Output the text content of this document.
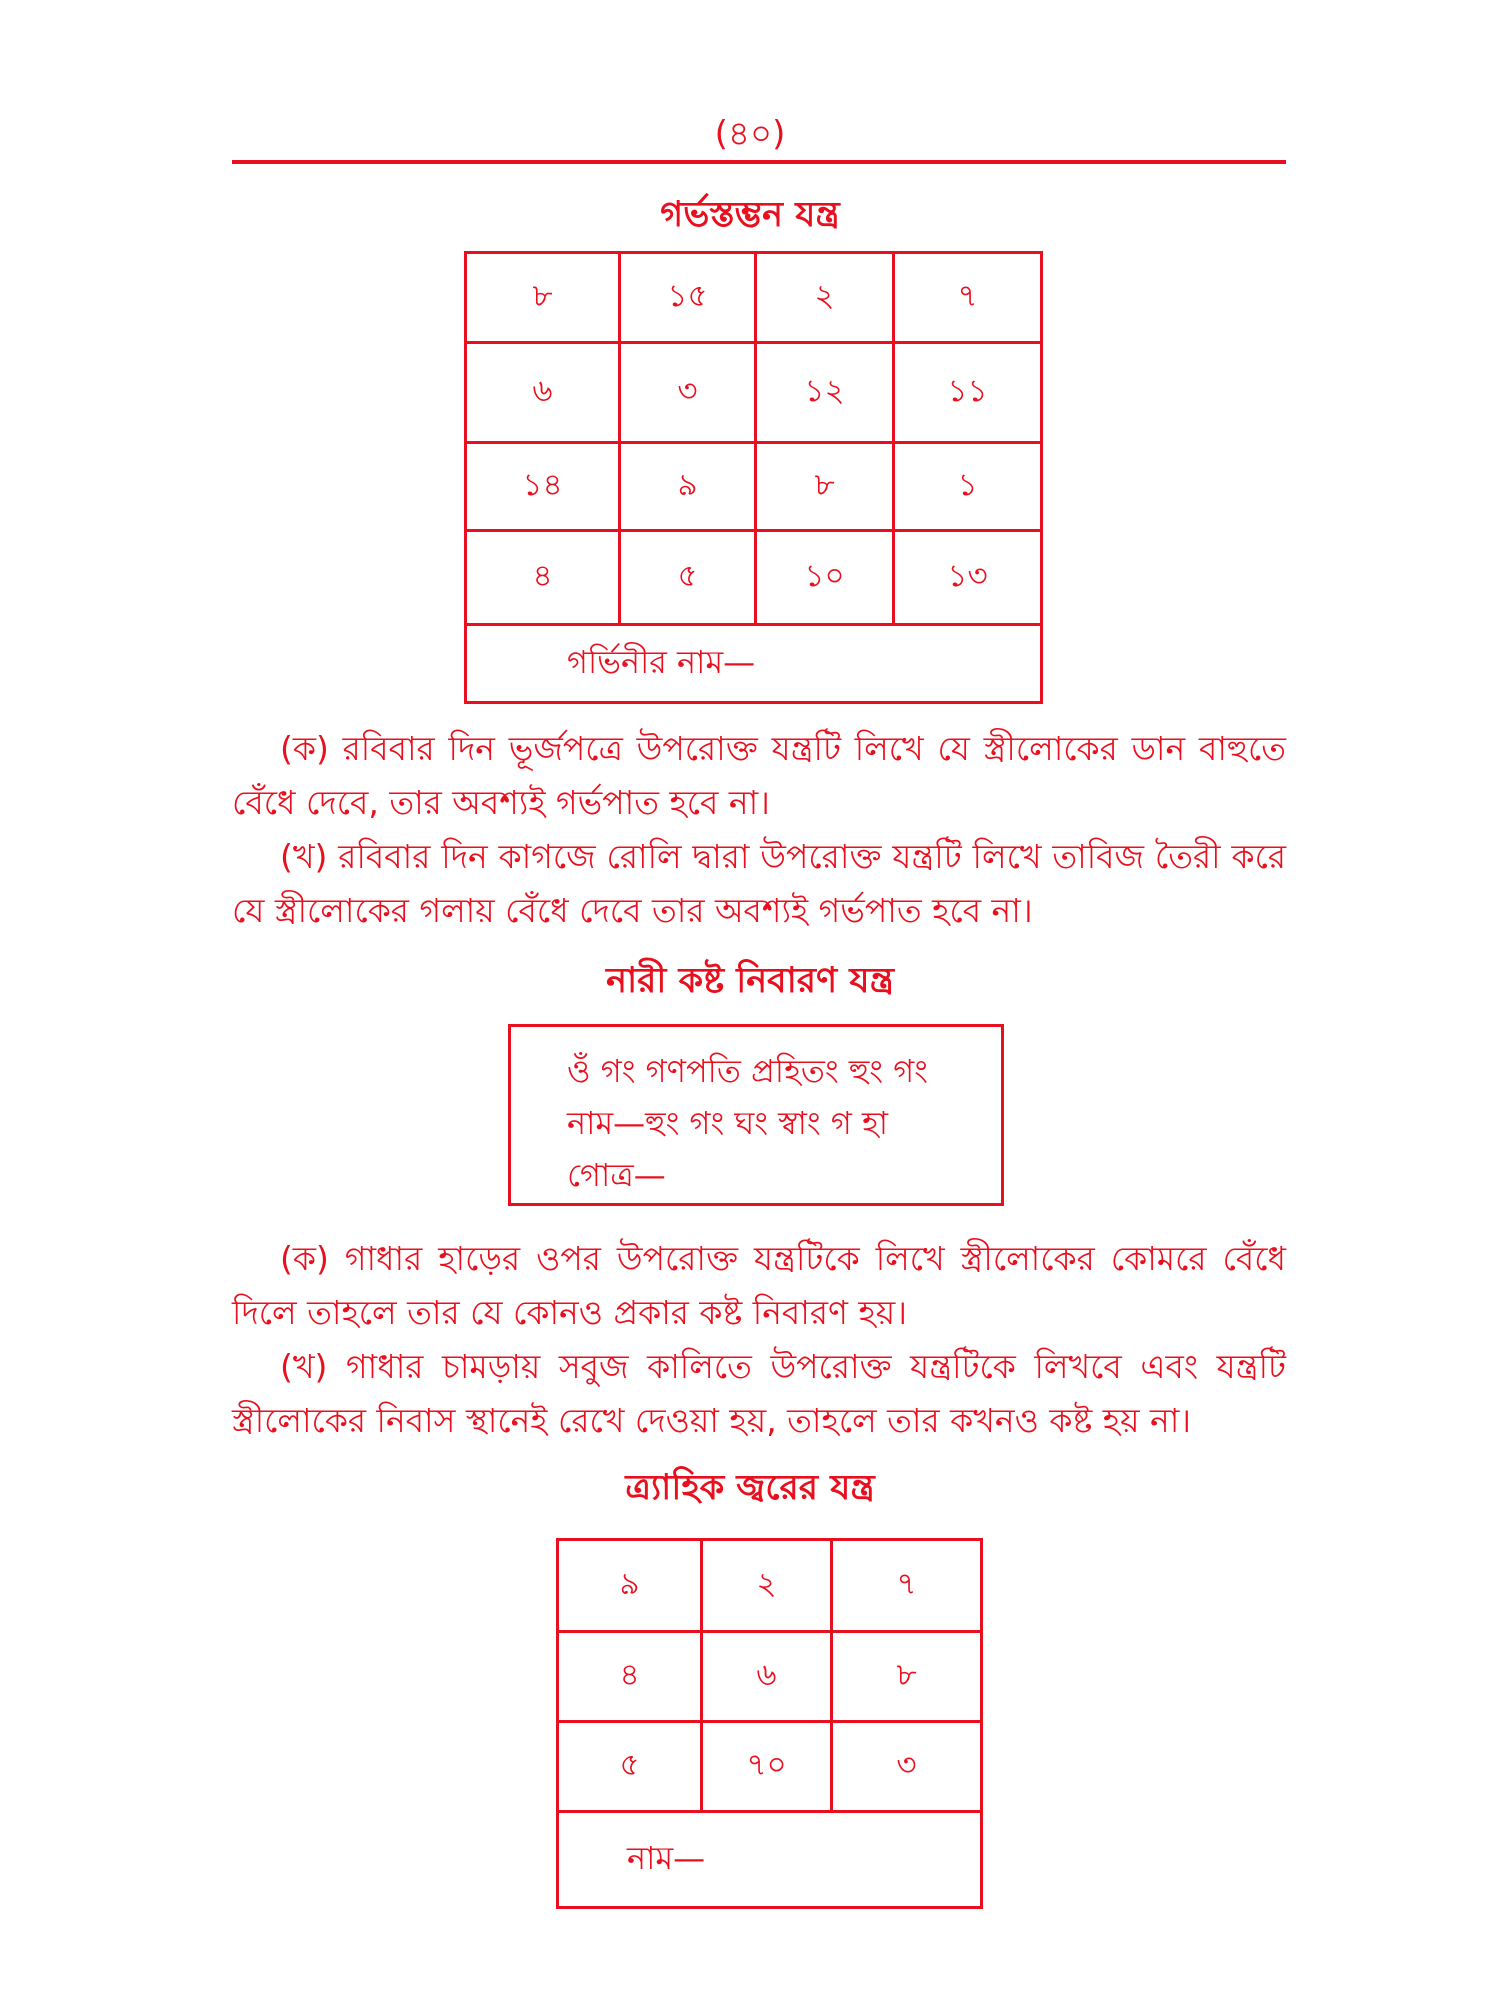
(৪০)
গর্ভস্তম্ভন যন্ত্র
৮	১৫	২	৭
৬	৩	১২	১১
১৪	৯	৮	১
৪	৫	১০	১৩
গর্ভিনীর নাম—			

(ক) রবিবার দিন ভূর্জপত্রে উপরোক্ত যন্ত্রটি লিখে যে স্ত্রীলোকের ডান বাহুতে বেঁধে দেবে, তার অবশ্যই গর্ভপাত হবে না।

(খ) রবিবার দিন কাগজে রোলি দ্বারা উপরোক্ত যন্ত্রটি লিখে তাবিজ তৈরী করে যে স্ত্রীলোকের গলায় বেঁধে দেবে তার অবশ্যই গর্ভপাত হবে না।

নারী কষ্ট নিবারণ যন্ত্র
ওঁ গং গণপতি প্রহিতং হুং গং
নাম—হুং গং ঘং স্বাং গ হা
গোত্র—

(ক) গাধার হাড়ের ওপর উপরোক্ত যন্ত্রটিকে লিখে স্ত্রীলোকের কোমরে বেঁধে দিলে তাহলে তার যে কোনও প্রকার কষ্ট নিবারণ হয়।

(খ) গাধার চামড়ায় সবুজ কালিতে উপরোক্ত যন্ত্রটিকে লিখবে এবং যন্ত্রটি স্ত্রীলোকের নিবাস স্থানেই রেখে দেওয়া হয়, তাহলে তার কখনও কষ্ট হয় না।

ত্র্যাহিক জ্বরের যন্ত্র
৯	২	৭
৪	৬	৮
৫	৭০	৩
নাম—		
